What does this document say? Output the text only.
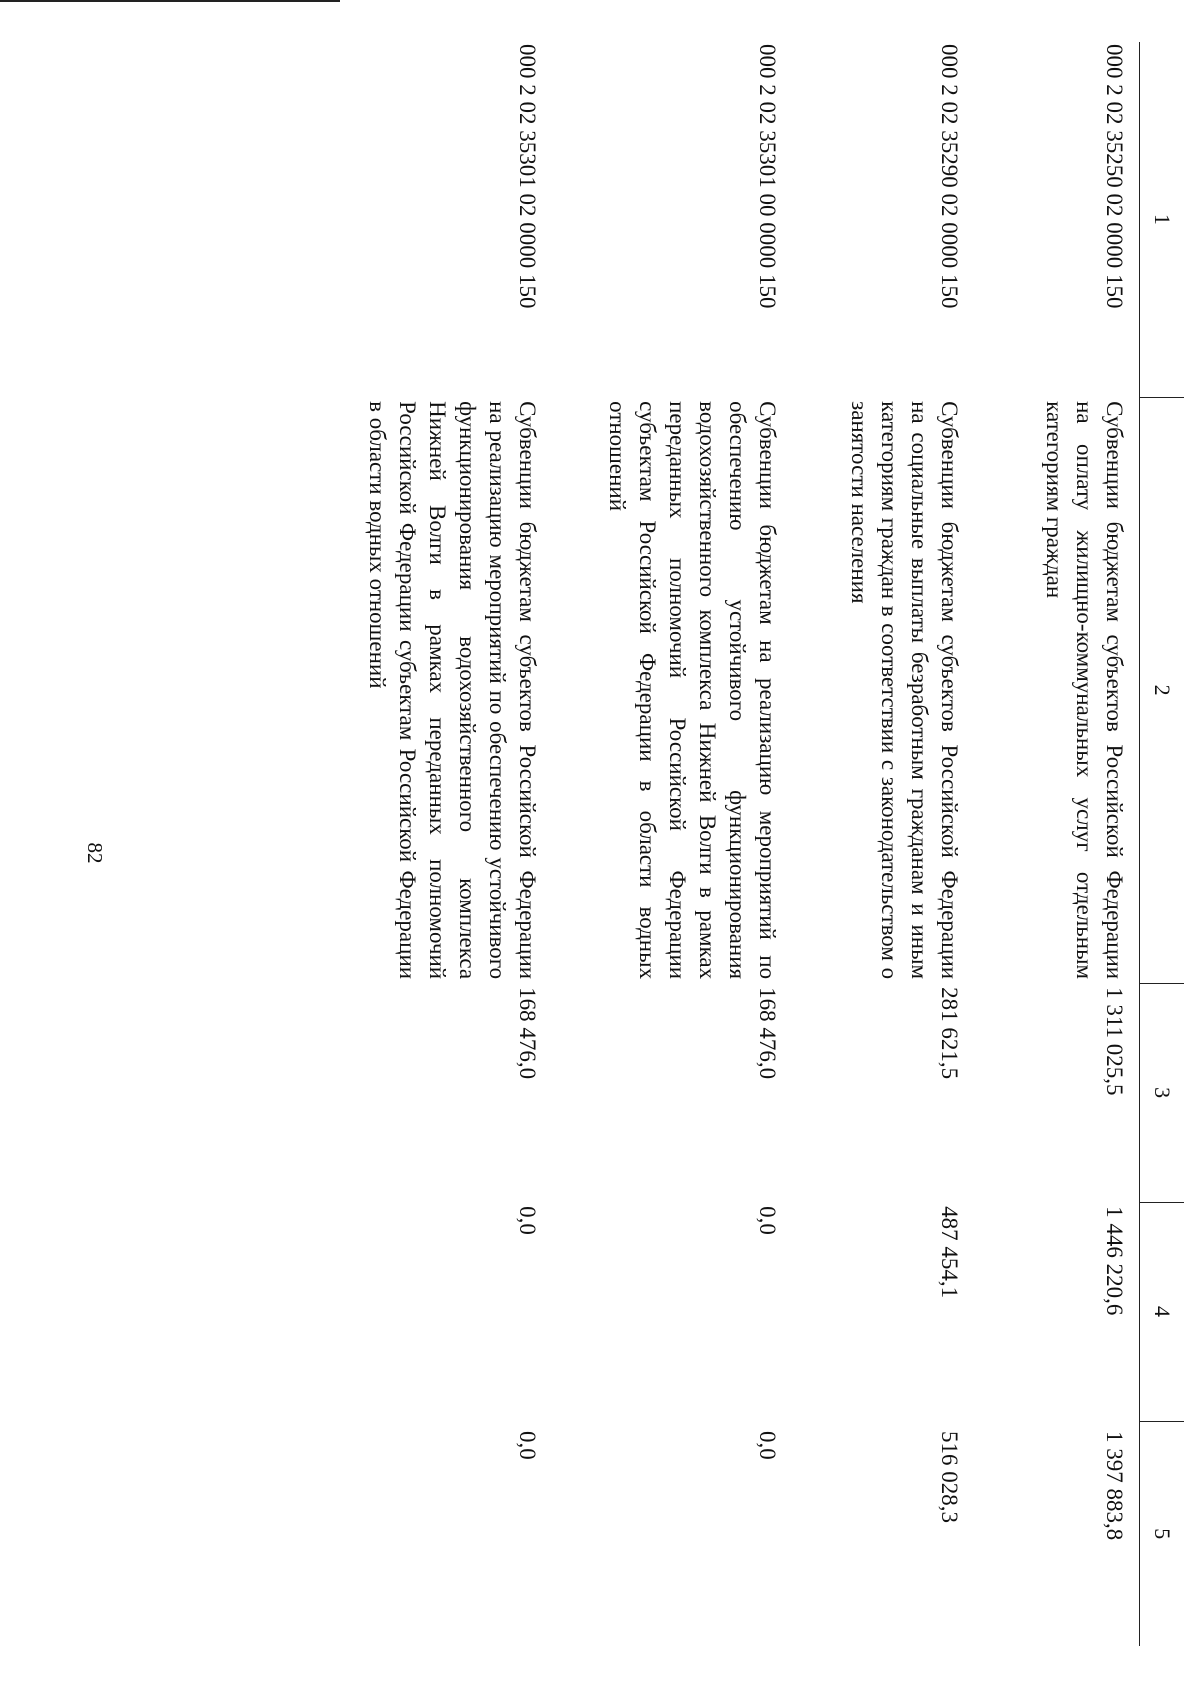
1	2	3	4	5
000 2 02 35250 02 0000 150	Субвенции бюджетам субъектов Российской Федерации на оплату жилищно-коммунальных услуг отдельным категориям граждан	1 311 025,5	1 446 220,6	1 397 883,8
000 2 02 35290 02 0000 150	Субвенции бюджетам субъектов Российской Федерации на социальные выплаты безработным гражданам и иным категориям граждан в соответствии с законодательством о занятости населения	281 621,5	487 454,1	516 028,3
000 2 02 35301 00 0000 150	Субвенции бюджетам на реализацию мероприятий по обеспечению устойчивого функционирования водохозяйственного комплекса Нижней Волги в рамках переданных полномочий Российской Федерации субъектам Российской Федерации в области водных отношений	168 476,0	0,0	0,0
000 2 02 35301 02 0000 150	Субвенции бюджетам субъектов Российской Федерации на реализацию мероприятий по обеспечению устойчивого функционирования водохозяйственного комплекса Нижней Волги в рамках переданных полномочий Российской Федерации субъектам Российской Федерации в области водных отношений	168 476,0	0,0	0,0
82
